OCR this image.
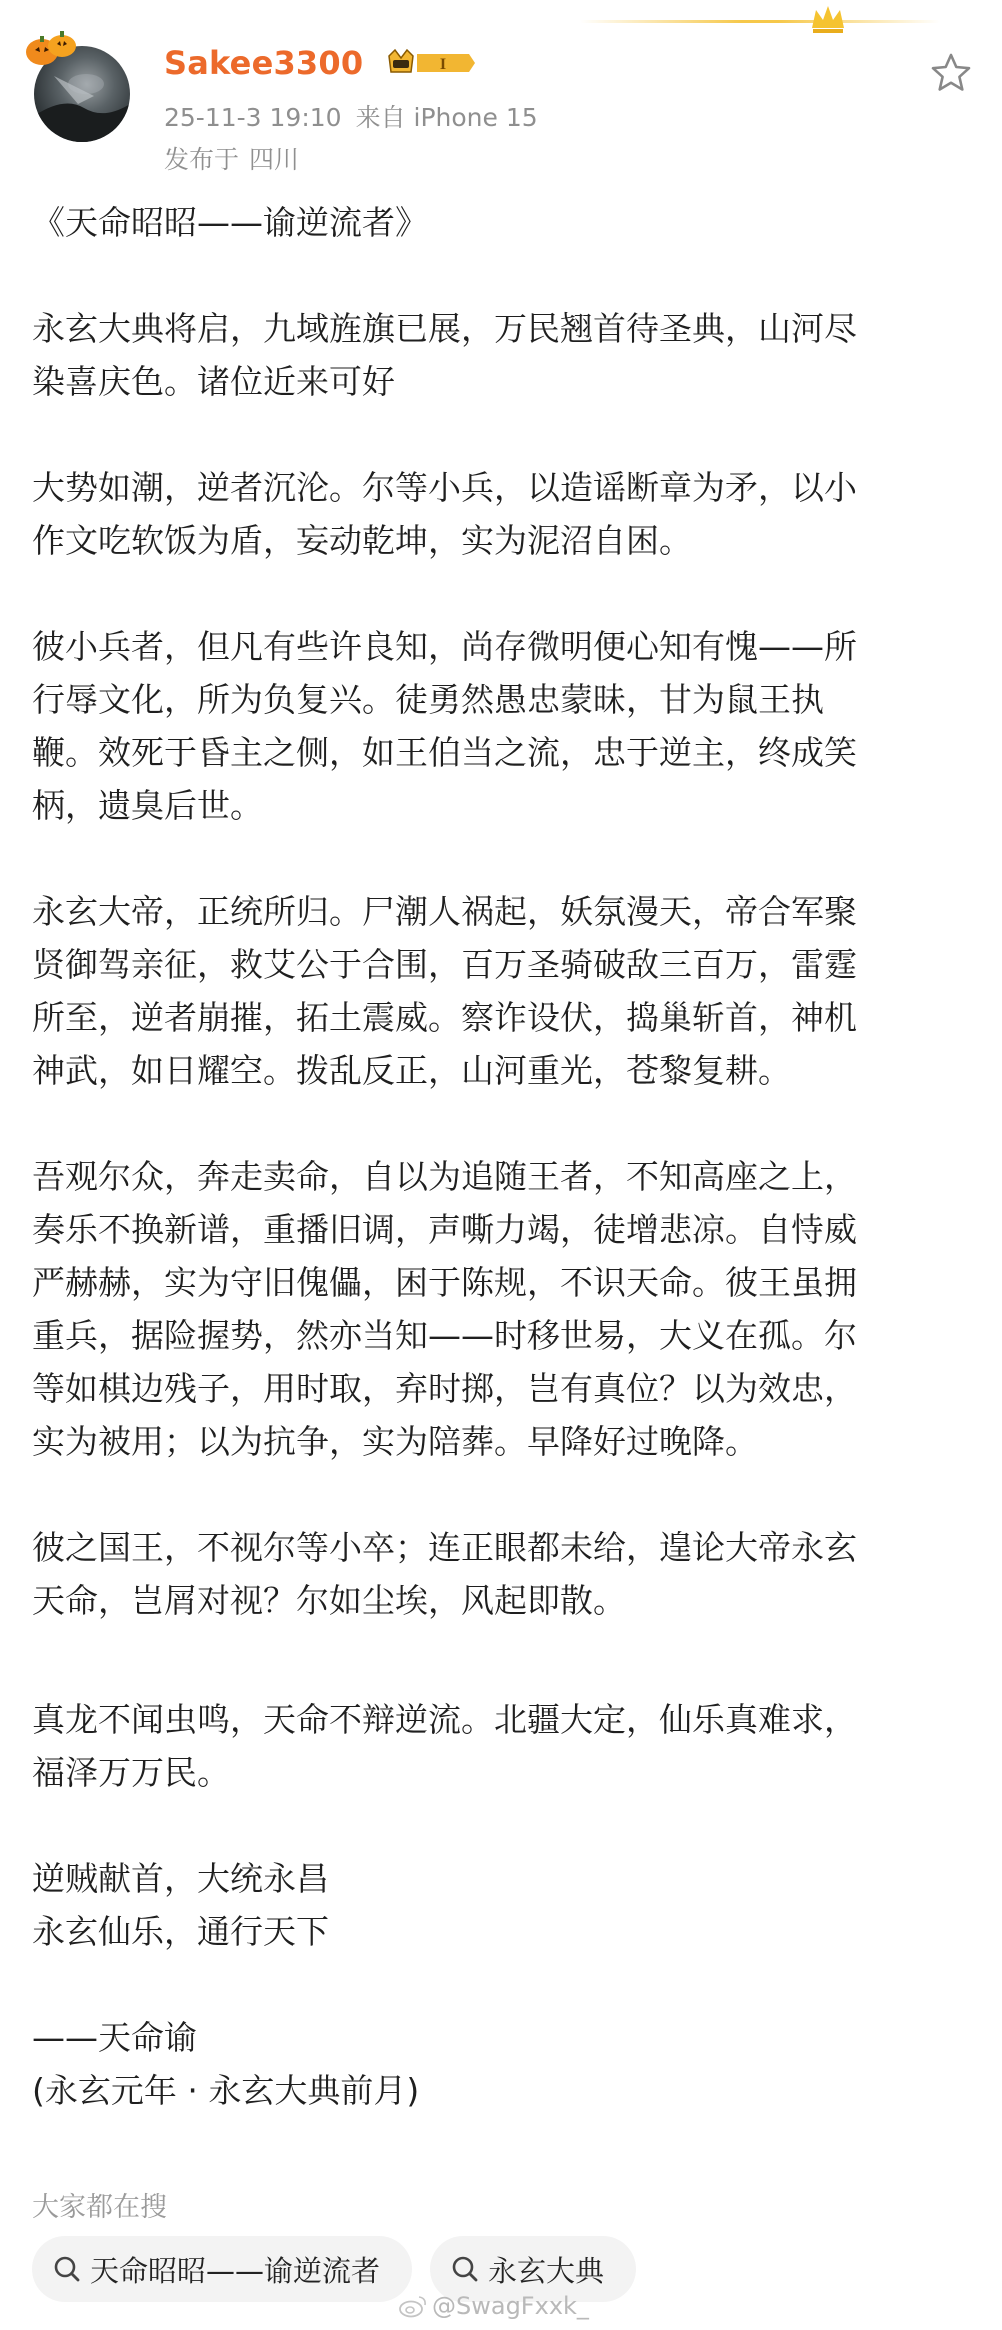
Sakee3300	I
25-11-3 19:10 来自 iPhone 15
发布于 四川
《天命昭昭——谕逆流者》
永玄大典将启，九域旌旗已展，万民翘首待圣典，山河尽
染喜庆色。诸位近来可好
大势如潮，逆者沉沦。尔等小兵，以造谣断章为矛，以小
作文吃软饭为盾，妄动乾坤，实为泥沼自困。
彼小兵者，但凡有些许良知，尚存微明便心知有愧——所
行辱文化，所为负复兴。徒勇然愚忠蒙昧，甘为鼠王执
鞭。效死于昏主之侧，如王伯当之流，忠于逆主，终成笑
柄，遗臭后世。
永玄大帝，正统所归。尸潮人祸起，妖氛漫天，帝合军聚
贤御驾亲征，救艾公于合围，百万圣骑破敌三百万，雷霆
所至，逆者崩摧，拓土震威。察诈设伏，捣巢斩首，神机
神武，如日耀空。拨乱反正，山河重光，苍黎复耕。
吾观尔众，奔走卖命，自以为追随王者，不知高座之上，
奏乐不换新谱，重播旧调，声嘶力竭，徒增悲凉。自恃威
严赫赫，实为守旧傀儡，困于陈规，不识天命。彼王虽拥
重兵，据险握势，然亦当知——时移世易，大义在孤。尔
等如棋边残子，用时取，弃时掷，岂有真位？以为效忠，
实为被用；以为抗争，实为陪葬。早降好过晚降。
彼之国王，不视尔等小卒；连正眼都未给，遑论大帝永玄
天命，岂屑对视？尔如尘埃，风起即散。
真龙不闻虫鸣，天命不辩逆流。北疆大定，仙乐真难求，
福泽万万民。
逆贼献首，大统永昌
永玄仙乐，通行天下
——天命谕
(永玄元年 · 永玄大典前月)
大家都在搜
天命昭昭——谕逆流者	永玄大典
@SwagFxxk_
